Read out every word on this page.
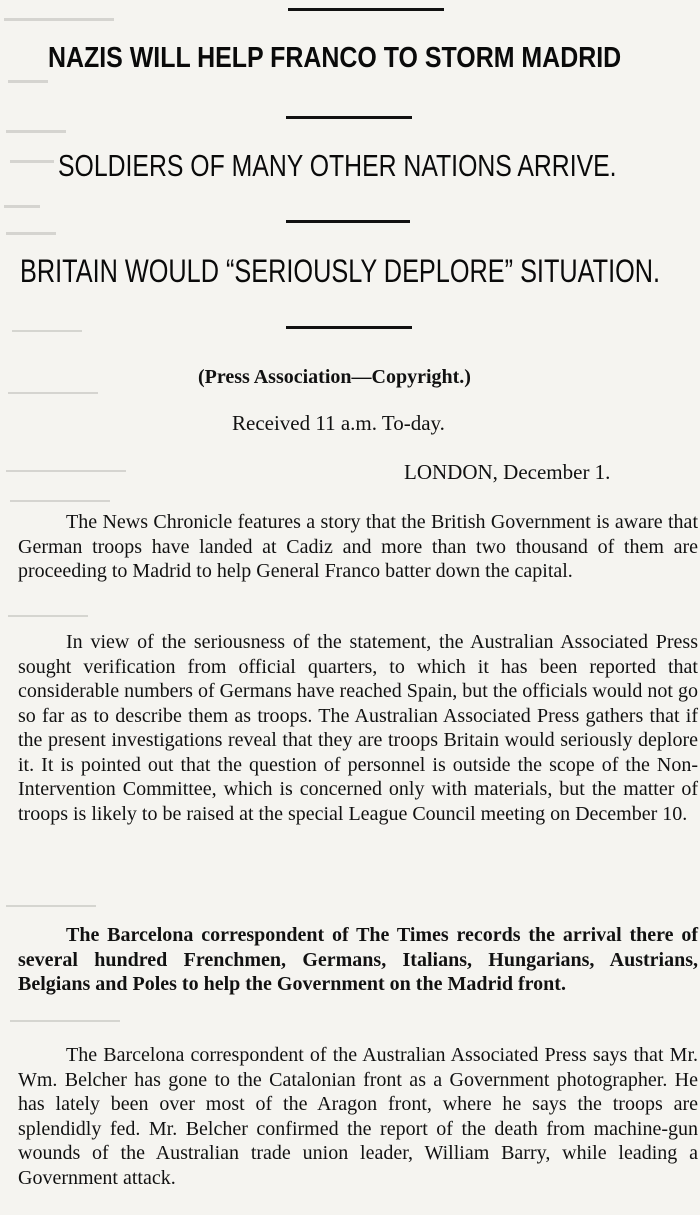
NAZIS WILL HELP FRANCO TO STORM MADRID
SOLDIERS OF MANY OTHER NATIONS ARRIVE.
BRITAIN WOULD “SERIOUSLY DEPLORE” SITUATION.

(Press Association—Copyright.)

Received 11 a.m. To-day.

LONDON, December 1.

The News Chronicle features a story that the British Government is aware that German troops have landed at Cadiz and more than two thousand of them are proceeding to Madrid to help General Franco batter down the capital.

In view of the seriousness of the statement, the Australian Associated Press sought verification from official quarters, to which it has been reported that considerable numbers of Germans have reached Spain, but the officials would not go so far as to describe them as troops. The Australian Associated Press gathers that if the present investigations reveal that they are troops Britain would seriously deplore it. It is pointed out that the question of personnel is outside the scope of the Non-Intervention Committee, which is concerned only with materials, but the matter of troops is likely to be raised at the special League Council meeting on December 10.

The Barcelona correspondent of The Times records the arrival there of several hundred Frenchmen, Germans, Italians, Hungarians, Austrians, Belgians and Poles to help the Government on the Madrid front.

The Barcelona correspondent of the Australian Associated Press says that Mr. Wm. Belcher has gone to the Catalonian front as a Government photographer. He has lately been over most of the Aragon front, where he says the troops are splendidly fed. Mr. Belcher confirmed the report of the death from machine-gun wounds of the Australian trade union leader, William Barry, while leading a Government attack.
